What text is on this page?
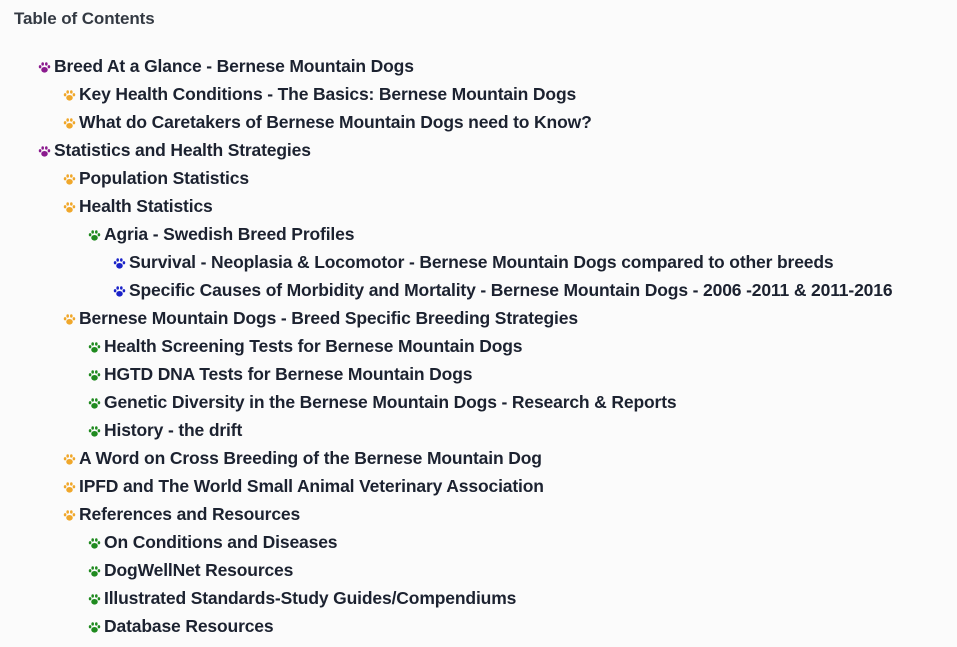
Table of Contents
Breed At a Glance - Bernese Mountain Dogs
Key Health Conditions - The Basics: Bernese Mountain Dogs
What do Caretakers of Bernese Mountain Dogs need to Know?
Statistics and Health Strategies
Population Statistics
Health Statistics
Agria - Swedish Breed Profiles
Survival - Neoplasia & Locomotor - Bernese Mountain Dogs compared to other breeds
Specific Causes of Morbidity and Mortality - Bernese Mountain Dogs - 2006 -2011 & 2011-2016
Bernese Mountain Dogs - Breed Specific Breeding Strategies
Health Screening Tests for Bernese Mountain Dogs
HGTD DNA Tests for Bernese Mountain Dogs
Genetic Diversity in the Bernese Mountain Dogs - Research & Reports
History - the drift
A Word on Cross Breeding of the Bernese Mountain Dog
IPFD and The World Small Animal Veterinary Association
References and Resources
On Conditions and Diseases
DogWellNet Resources
Illustrated Standards-Study Guides/Compendiums
Database Resources
